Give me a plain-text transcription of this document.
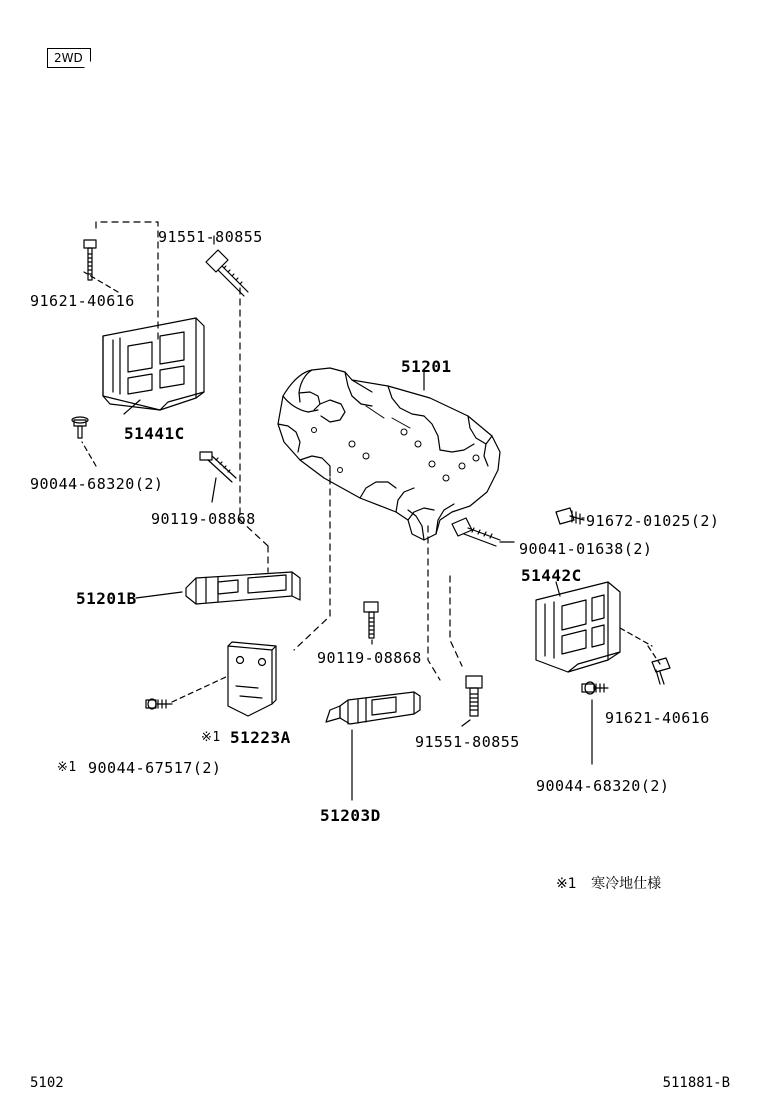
2WD
91551-80855
91621-40616
51441C
90044-68320(2)
90119-08868
51201
91672-01025(2)
90041-01638(2)
51442C
51201B
90119-08868
91621-40616
51223A	91551-80855
90044-68320(2)
90044-67517(2)
51203D
※1
※1
※1 寒冷地仕様
5102	511881-B
